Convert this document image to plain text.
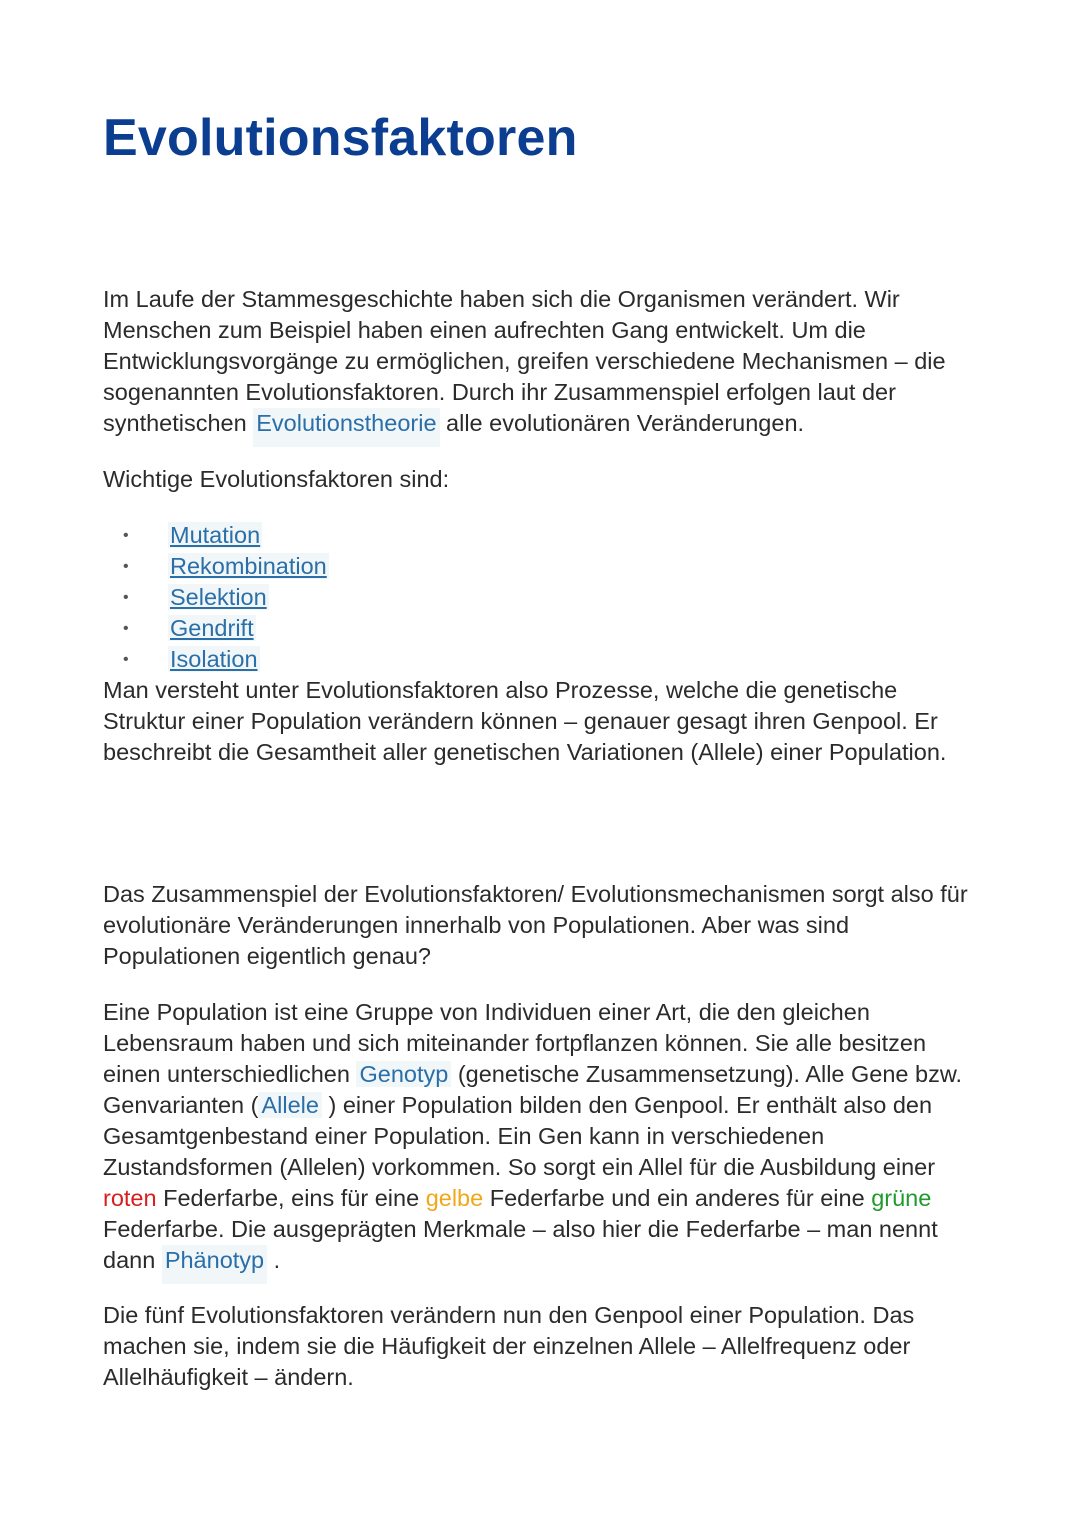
Evolutionsfaktoren

Im Laufe der Stammesgeschichte haben sich die Organismen verändert. Wir Menschen zum Beispiel haben einen aufrechten Gang entwickelt. Um die Entwicklungsvorgänge zu ermöglichen, greifen verschiedene Mechanismen – die sogenannten Evolutionsfaktoren. Durch ihr Zusammenspiel erfolgen laut der synthetischen Evolutionstheorie alle evolutionären Veränderungen.

Wichtige Evolutionsfaktoren sind:

• Mutation
• Rekombination
• Selektion
• Gendrift
• Isolation

Man versteht unter Evolutionsfaktoren also Prozesse, welche die genetische Struktur einer Population verändern können – genauer gesagt ihren Genpool. Er beschreibt die Gesamtheit aller genetischen Variationen (Allele) einer Population.

Das Zusammenspiel der Evolutionsfaktoren/ Evolutionsmechanismen sorgt also für evolutionäre Veränderungen innerhalb von Populationen. Aber was sind Populationen eigentlich genau?

Eine Population ist eine Gruppe von Individuen einer Art, die den gleichen Lebensraum haben und sich miteinander fortpflanzen können. Sie alle besitzen einen unterschiedlichen Genotyp (genetische Zusammensetzung). Alle Gene bzw. Genvarianten ( Allele ) einer Population bilden den Genpool. Er enthält also den Gesamtgenbestand einer Population. Ein Gen kann in verschiedenen Zustandsformen (Allelen) vorkommen. So sorgt ein Allel für die Ausbildung einer roten Federfarbe, eins für eine gelbe Federfarbe und ein anderes für eine grüne Federfarbe. Die ausgeprägten Merkmale – also hier die Federfarbe – man nennt dann Phänotyp .

Die fünf Evolutionsfaktoren verändern nun den Genpool einer Population. Das machen sie, indem sie die Häufigkeit der einzelnen Allele – Allelfrequenz oder Allelhäufigkeit – ändern.
